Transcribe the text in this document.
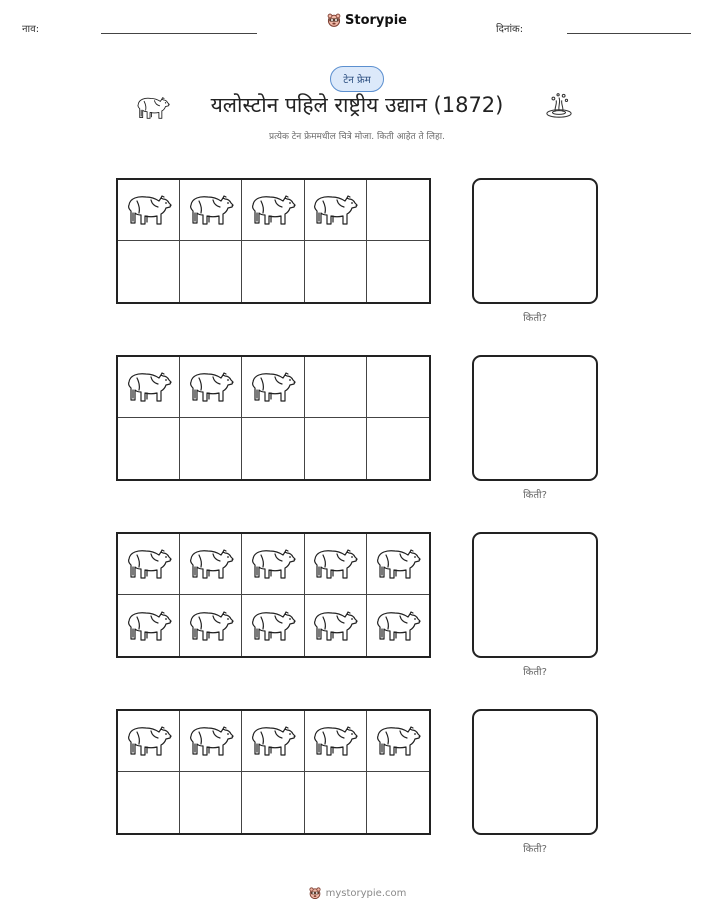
नाव:
Storypie
दिनांक:
टेन फ्रेम
यलोस्टोन पहिले राष्ट्रीय उद्यान (1872)
प्रत्येक टेन फ्रेममधील चित्रे मोजा. किती आहेत ते लिहा.
किती?
किती?
किती?
किती?
mystorypie.com
